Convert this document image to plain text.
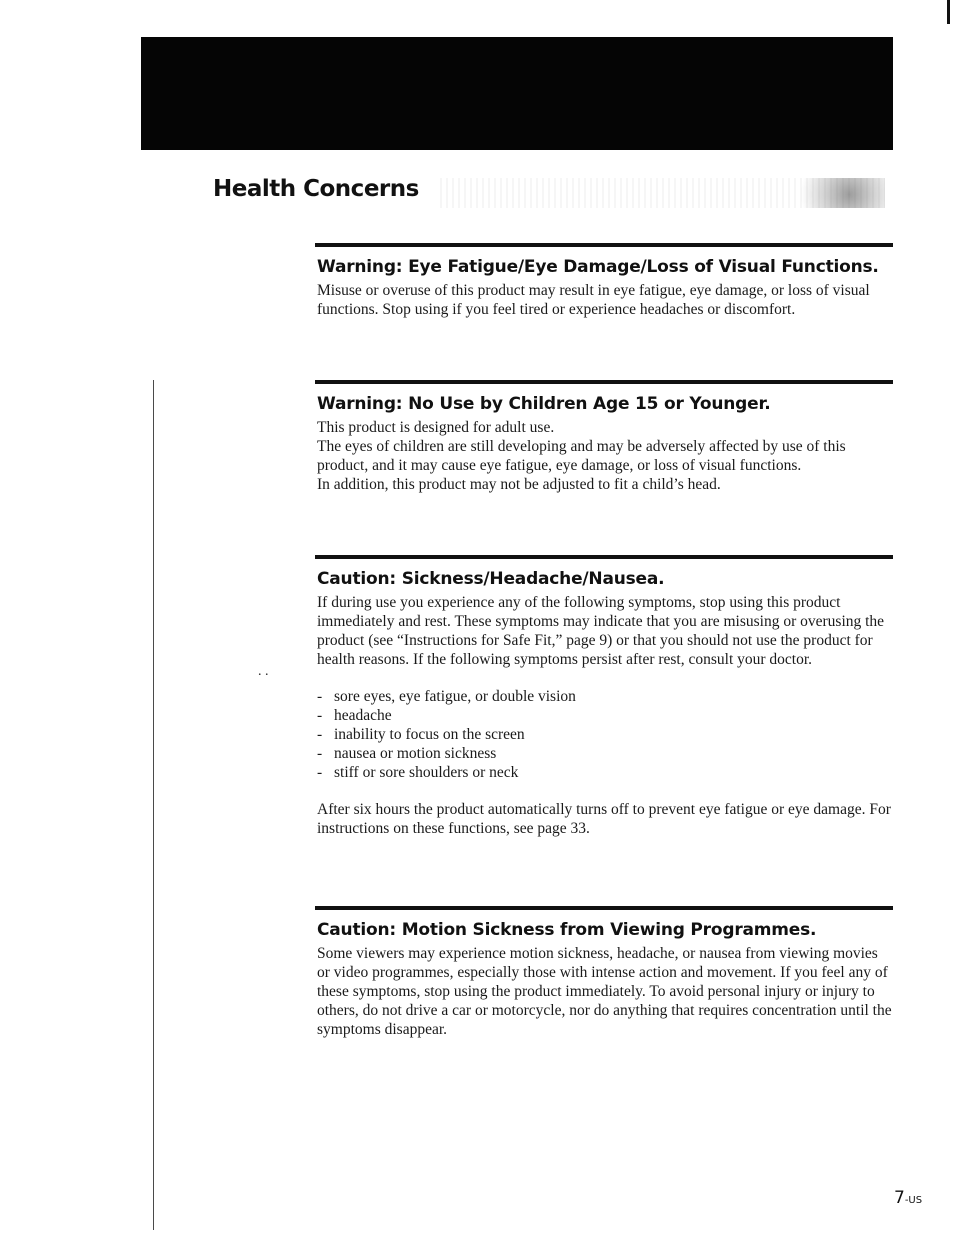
Health Concerns
. .
Warning: Eye Fatigue/Eye Damage/Loss of Visual Functions.

Misuse or overuse of this product may result in eye fatigue, eye damage, or loss of visual functions. Stop using if you feel tired or experience headaches or discomfort.

Warning: No Use by Children Age 15 or Younger.

This product is designed for adult use.

The eyes of children are still developing and may be adversely affected by use of this product, and it may cause eye fatigue, eye damage, or loss of visual functions.

In addition, this product may not be adjusted to fit a child’s head.

Caution: Sickness/Headache/Nausea.

If during use you experience any of the following symptoms, stop using this product immediately and rest. These symptoms may indicate that you are misusing or overusing the product (see “Instructions for Safe Fit,” page 9) or that you should not use the product for health reasons. If the following symptoms persist after rest, consult your doctor.

- sore eyes, eye fatigue, or double vision
- headache
- inability to focus on the screen
- nausea or motion sickness
- stiff or sore shoulders or neck

After six hours the product automatically turns off to prevent eye fatigue or eye damage. For instructions on these functions, see page 33.

Caution: Motion Sickness from Viewing Programmes.

Some viewers may experience motion sickness, headache, or nausea from viewing movies or video programmes, especially those with intense action and movement. If you feel any of these symptoms, stop using the product immediately. To avoid personal injury or injury to others, do not drive a car or motorcycle, nor do anything that requires concentration until the symptoms disappear.

7-US
